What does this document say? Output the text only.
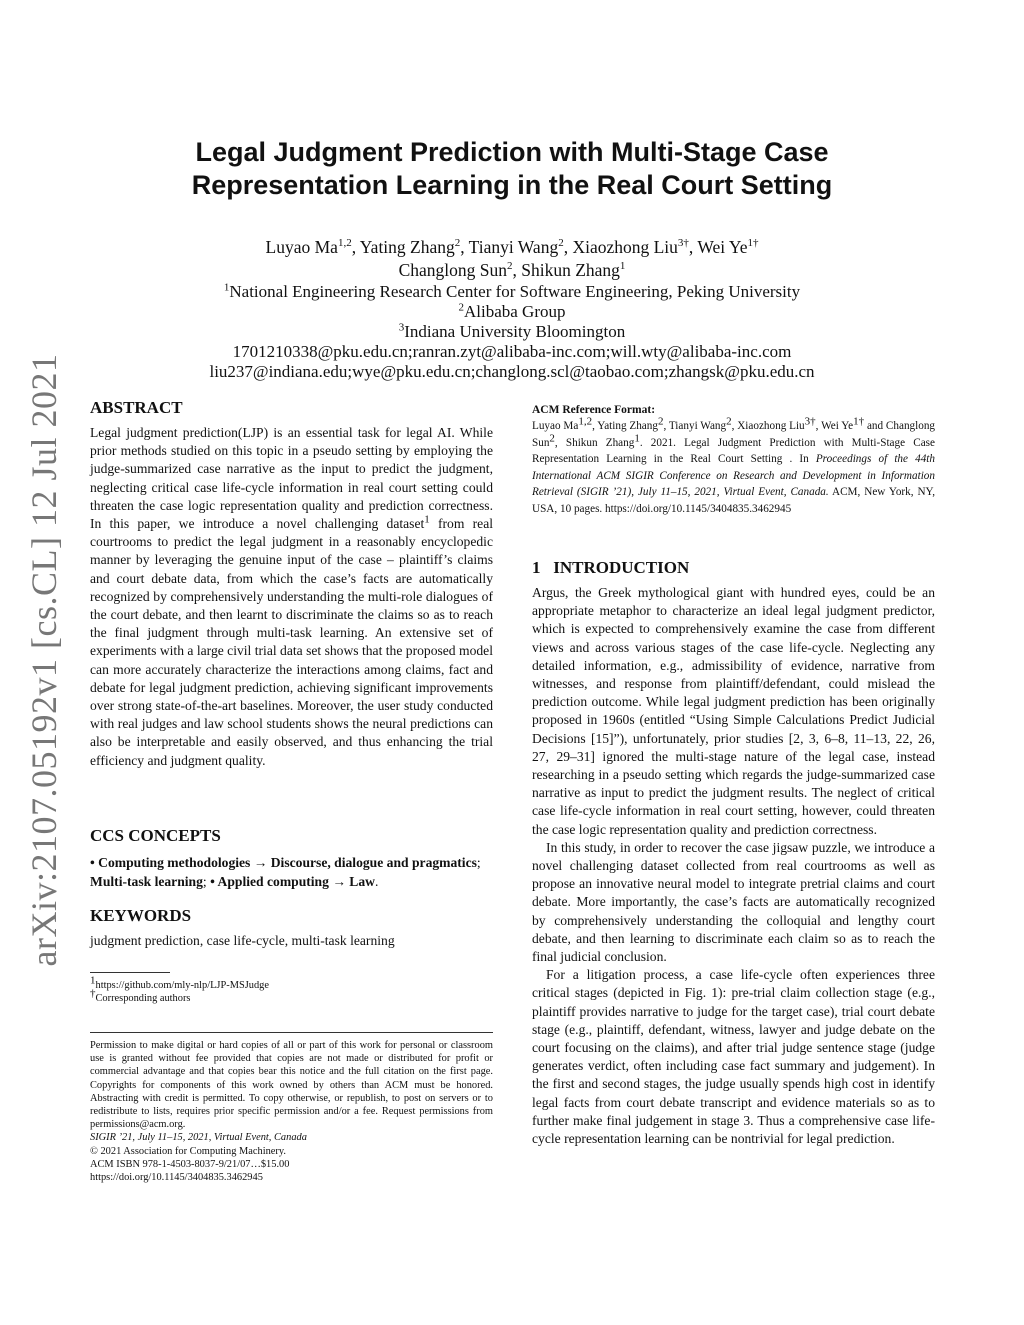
arXiv:2107.05192v1 [cs.CL] 12 Jul 2021
Legal Judgment Prediction with Multi-Stage Case
Representation Learning in the Real Court Setting
Luyao Ma$^{1,2}$, Yating Zhang$^2$, Tianyi Wang$^2$, Xiaozhong Liu$^{3\dagger}$, Wei $Ye^{1\dagger}$
Changlong Sun$^2$, Shikun Zhang$^1$
$^1$National Engineering Research Center for Software Engineering, Peking University
$^2$Alibaba Group
$^3$Indiana University Bloomington
1701210338@pku.edu.cn;ranran.zyt@alibaba-inc.com;will.wty@alibaba-inc.com
liu237@indiana.edu;wye@pku.edu.cn;changlong.scl@taobao.com;zhangsk@pku.edu.cn
ABSTRACT

Legal judgment prediction(LJP) is an essential task for legal AI. While prior methods studied on this topic in a pseudo setting by employing the judge-summarized case narrative as the input to predict the judgment, neglecting critical case life-cycle information in real court setting could threaten the case logic representation quality and prediction correctness. In this paper, we introduce a novel challenging dataset$^1$ from real courtrooms to predict the legal judgment in a reasonably encyclopedic manner by leveraging the genuine input of the case – plaintiff’s claims and court debate data, from which the case’s facts are automatically recognized by comprehensively understanding the multi-role dialogues of the court debate, and then learnt to discriminate the claims so as to reach the final judgment through multi-task learning. An extensive set of experiments with a large civil trial data set shows that the proposed model can more accurately characterize the interactions among claims, fact and debate for legal judgment prediction, achieving significant improvements over strong state-of-the-art baselines. Moreover, the user study conducted with real judges and law school students shows the neural predictions can also be interpretable and easily observed, and thus enhancing the trial efficiency and judgment quality.

CCS CONCEPTS

• Computing methodologies → Discourse, dialogue and pragmatics; Multi-task learning; • Applied computing → Law.

KEYWORDS

judgment prediction, case life-cycle, multi-task learning

$^1$https://github.com/mly-nlp/LJP-MSJudge
†Corresponding authors

Permission to make digital or hard copies of all or part of this work for personal or classroom use is granted without fee provided that copies are not made or distributed for profit or commercial advantage and that copies bear this notice and the full citation on the first page. Copyrights for components of this work owned by others than ACM must be honored. Abstracting with credit is permitted. To copy otherwise, or republish, to post on servers or to redistribute to lists, requires prior specific permission and/or a fee. Request permissions from permissions@acm.org.

SIGIR ’21, July 11–15, 2021, Virtual Event, Canada

© 2021 Association for Computing Machinery.

ACM ISBN 978-1-4503-8037-9/21/07…$15.00

https://doi.org/10.1145/3404835.3462945

ACM Reference Format:

Luyao Ma$^{1,2}$, Yating Zhang$^2$, Tianyi Wang$^2$, Xiaozhong Liu$^{3\dagger}$, Wei $Ye^{1\dagger}$ and Changlong Sun$^2$, Shikun Zhang$^1$. 2021. Legal Judgment Prediction with Multi-Stage Case Representation Learning in the Real Court Setting . In Proceedings of the 44th International ACM SIGIR Conference on Research and Development in Information Retrieval (SIGIR ’21), July 11–15, 2021, Virtual Event, Canada. ACM, New York, NY, USA, 10 pages. https://doi.org/10.1145/3404835.3462945

1   INTRODUCTION

Argus, the Greek mythological giant with hundred eyes, could be an appropriate metaphor to characterize an ideal legal judgment predictor, which is expected to comprehensively examine the case from different views and across various stages of the case life-cycle. Neglecting any detailed information, e.g., admissibility of evidence, narrative from witnesses, and response from plaintiff/defendant, could mislead the prediction outcome. While legal judgment prediction has been originally proposed in 1960s (entitled “Using Simple Calculations Predict Judicial Decisions [15]”), unfortunately, prior studies [2, 3, 6–8, 11–13, 22, 26, 27, 29–31] ignored the multi-stage nature of the legal case, instead researching in a pseudo setting which regards the judge-summarized case narrative as input to predict the judgment results. The neglect of critical case life-cycle information in real court setting, however, could threaten the case logic representation quality and prediction correctness.

In this study, in order to recover the case jigsaw puzzle, we introduce a novel challenging dataset collected from real courtrooms as well as propose an innovative neural model to integrate pretrial claims and court debate. More importantly, the case’s facts are automatically recognized by comprehensively understanding the colloquial and lengthy court debate, and then learning to discriminate each claim so as to reach the final judicial conclusion.

For a litigation process, a case life-cycle often experiences three critical stages (depicted in Fig. 1): pre-trial claim collection stage (e.g., plaintiff provides narrative to judge for the target case), trial court debate stage (e.g., plaintiff, defendant, witness, lawyer and judge debate on the court focusing on the claims), and after trial judge sentence stage (judge generates verdict, often including case fact summary and judgement). In the first and second stages, the judge usually spends high cost in identify legal facts from court debate transcript and evidence materials so as to further make final judgement in stage 3. Thus a comprehensive case life-cycle representation learning can be nontrivial for legal prediction.
